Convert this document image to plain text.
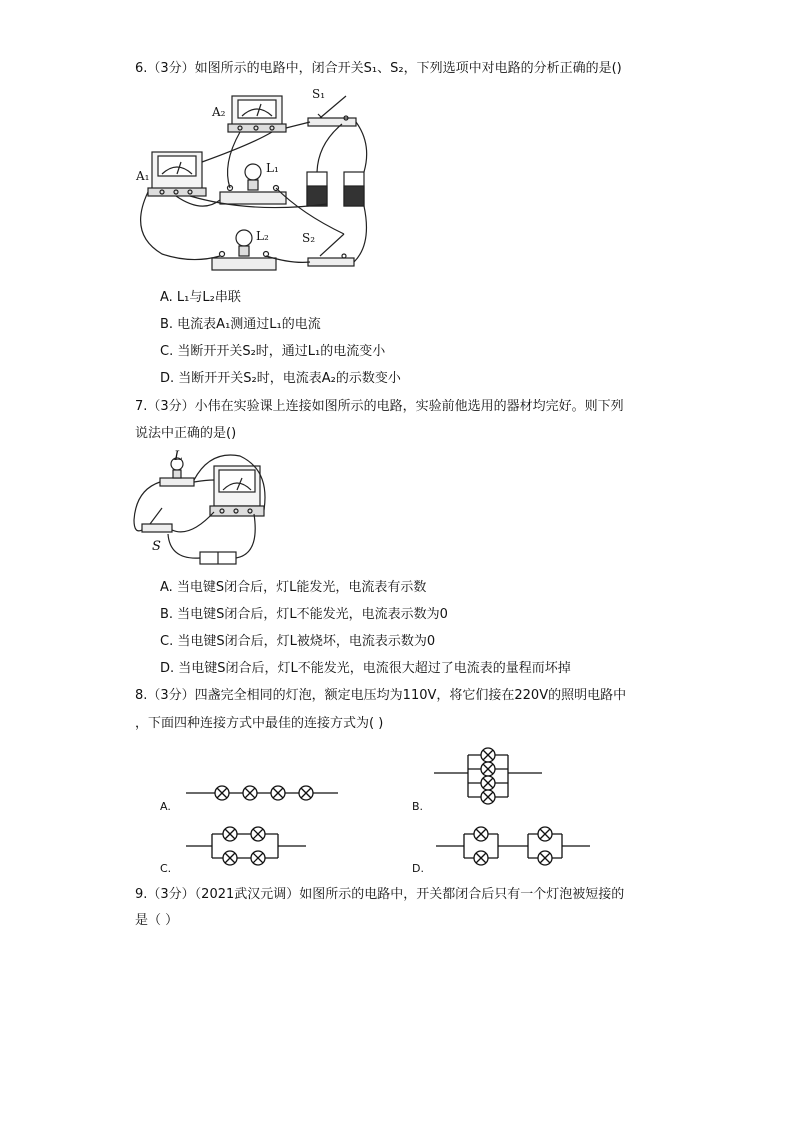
6.（3分）如图所示的电路中，闭合开关S₁、S₂，下列选项中对电路的分析正确的是()
A₂
S₁
A₁
L₁
L₂	S₂
A. L₁与L₂串联
B. 电流表A₁测通过L₁的电流
C. 当断开开关S₂时，通过L₁的电流变小
D. 当断开开关S₂时，电流表A₂的示数变小
7.（3分）小伟在实验课上连接如图所示的电路，实验前他选用的器材均完好。则下列
说法中正确的是()
L
S
A. 当电键S闭合后，灯L能发光，电流表有示数
B. 当电键S闭合后，灯L不能发光，电流表示数为0
C. 当电键S闭合后，灯L被烧坏，电流表示数为0
D. 当电键S闭合后，灯L不能发光，电流很大超过了电流表的量程而坏掉
8.（3分）四盏完全相同的灯泡，额定电压均为110V，将它们接在220V的照明电路中
，下面四种连接方式中最佳的连接方式为( )
A.	B.
C.	D.
9.（3分）（2021武汉元调）如图所示的电路中，开关都闭合后只有一个灯泡被短接的
是（ ）
